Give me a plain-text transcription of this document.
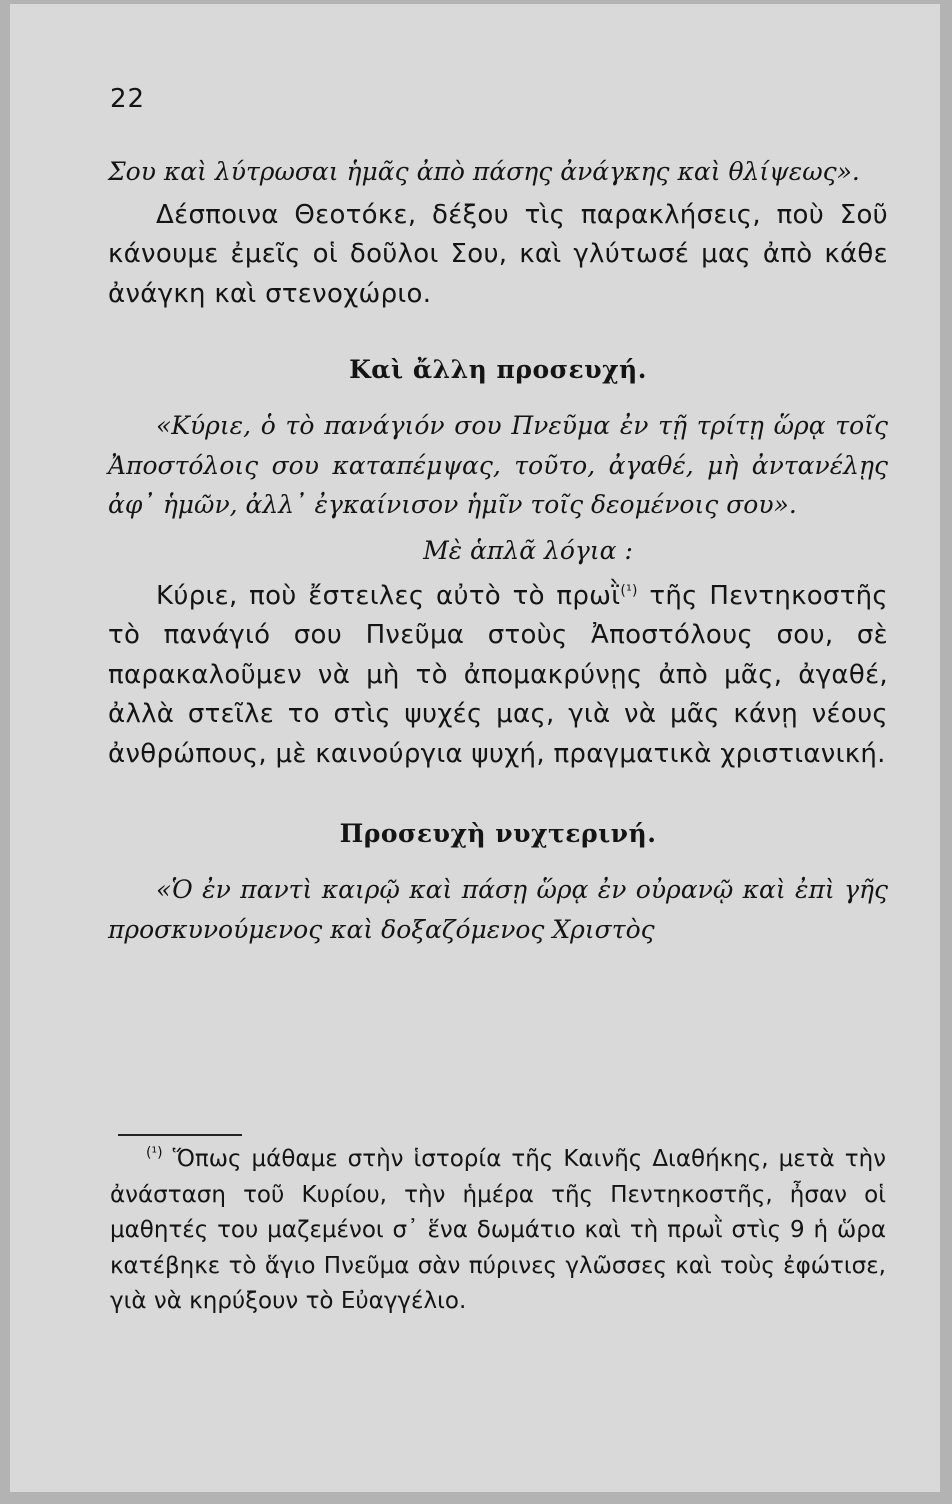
22

Σου καὶ λύτρωσαι ἡμᾶς ἀπὸ πάσης ἀνάγκης καὶ θλίψεως».

Δέσποινα Θεοτόκε, δέξου τὶς παρακλήσεις, ποὺ Σοῦ κάνουμε ἐμεῖς οἱ δοῦλοι Σου, καὶ γλύτωσέ μας ἀπὸ κάθε ἀνάγκη καὶ στενοχώριο.

Καὶ ἄλλη προσευχή.

«Κύριε, ὁ τὸ πανάγιόν σου Πνεῦμα ἐν τῇ τρίτῃ ὥρᾳ τοῖς Ἀποστόλοις σου καταπέμψας, τοῦτο, ἀγαθέ, μὴ ἀντανέλῃς ἀφ᾽ ἡμῶν, ἀλλ᾽ ἐγκαίνισον ἡμῖν τοῖς δεομένοις σου».

Μὲ ἁπλᾶ λόγια :

Κύριε, ποὺ ἔστειλες αὐτὸ τὸ πρωῒ$^{(^1)}$ τῆς Πεντηκοστῆς τὸ πανάγιό σου Πνεῦμα στοὺς Ἀποστόλους σου, σὲ παρακαλοῦμεν νὰ μὴ τὸ ἀπομακρύνῃς ἀπὸ μᾶς, ἀγαθέ, ἀλλὰ στεῖλε το στὶς ψυχές μας, γιὰ νὰ μᾶς κάνῃ νέους ἀνθρώπους, μὲ καινούργια ψυχή, πραγματικὰ χριστιανική.

Προσευχὴ νυχτερινή.

«Ὁ ἐν παντὶ καιρῷ καὶ πάσῃ ὥρᾳ ἐν οὐρανῷ καὶ ἐπὶ γῆς προσκυνούμενος καὶ δοξαζόμενος Χριστὸς

$^{(^1)}$ Ὅπως μάθαμε στὴν ἱστορία τῆς Καινῆς Διαθήκης, μετὰ τὴν ἀνάσταση τοῦ Κυρίου, τὴν ἡμέρα τῆς Πεντηκοστῆς, ἦσαν οἱ μαθητές του μαζεμένοι σ᾽ ἕνα δωμάτιο καὶ τὴ πρωῒ στὶς 9 ἡ ὥρα κατέβηκε τὸ ἅγιο Πνεῦμα σὰν πύρινες γλῶσσες καὶ τοὺς ἐφώτισε, γιὰ νὰ κηρύξουν τὸ Εὐαγγέλιο.
